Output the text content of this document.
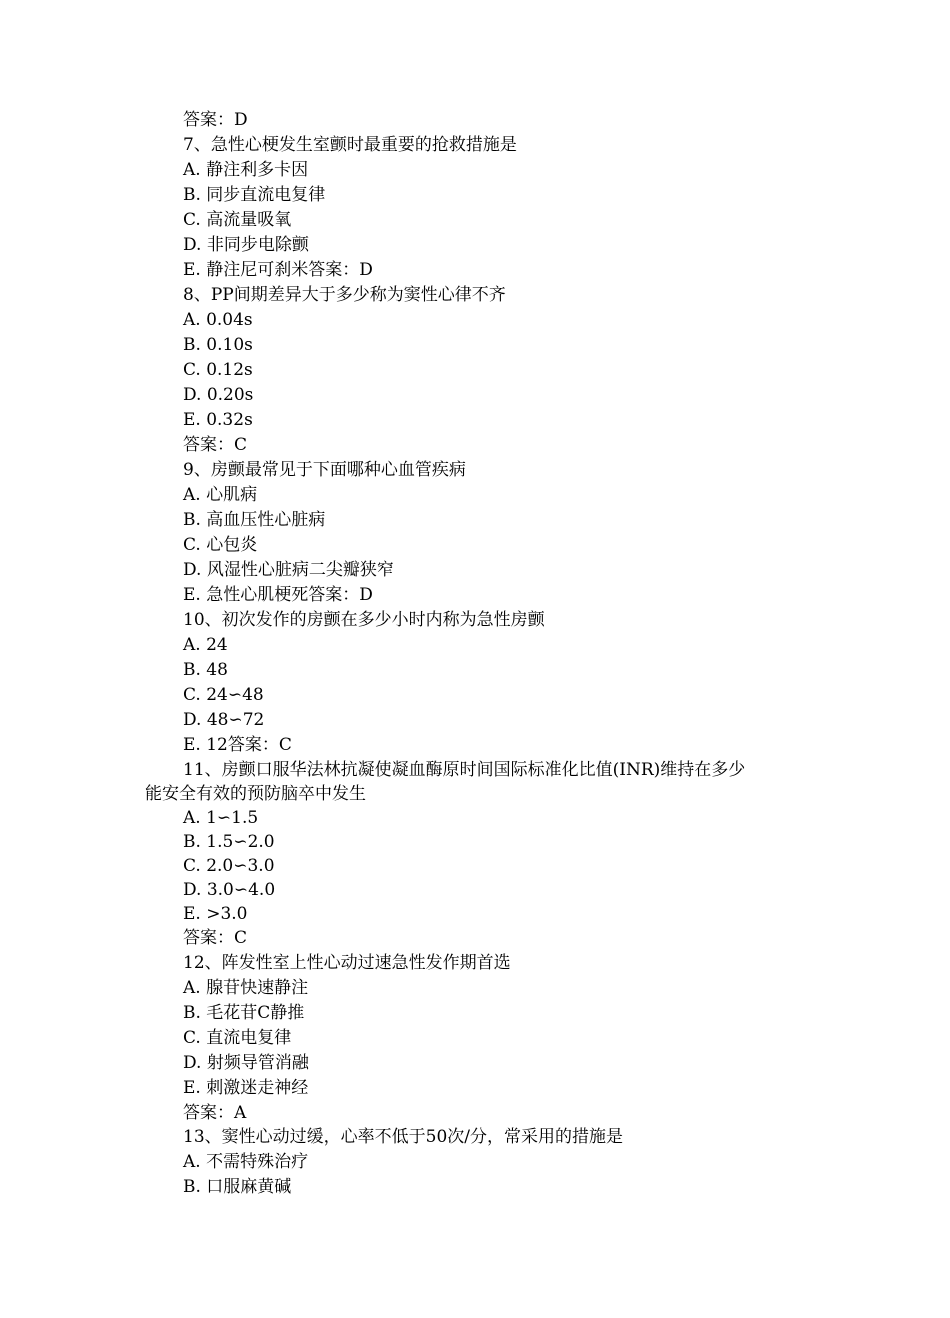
答案：D
7、急性心梗发生室颤时最重要的抢救措施是
A. 静注利多卡因
B. 同步直流电复律
C. 高流量吸氧
D. 非同步电除颤
E. 静注尼可刹米答案：D
8、PP间期差异大于多少称为窦性心律不齐
A. 0.04s
B. 0.10s
C. 0.12s
D. 0.20s
E. 0.32s
答案：C
9、房颤最常见于下面哪种心血管疾病
A. 心肌病
B. 高血压性心脏病
C. 心包炎
D. 风湿性心脏病二尖瓣狭窄
E. 急性心肌梗死答案：D
10、初次发作的房颤在多少小时内称为急性房颤
A. 24
B. 48
C. 24∽48
D. 48∽72
E. 12答案：C
11、房颤口服华法林抗凝使凝血酶原时间国际标准化比值(INR)维持在多少
能安全有效的预防脑卒中发生
A. 1∽1.5
B. 1.5∽2.0
C. 2.0∽3.0
D. 3.0∽4.0
E. >3.0
答案：C
12、阵发性室上性心动过速急性发作期首选
A. 腺苷快速静注
B. 毛花苷C静推
C. 直流电复律
D. 射频导管消融
E. 刺激迷走神经
答案：A
13、窦性心动过缓，心率不低于50次/分，常采用的措施是
A. 不需特殊治疗
B. 口服麻黄碱
